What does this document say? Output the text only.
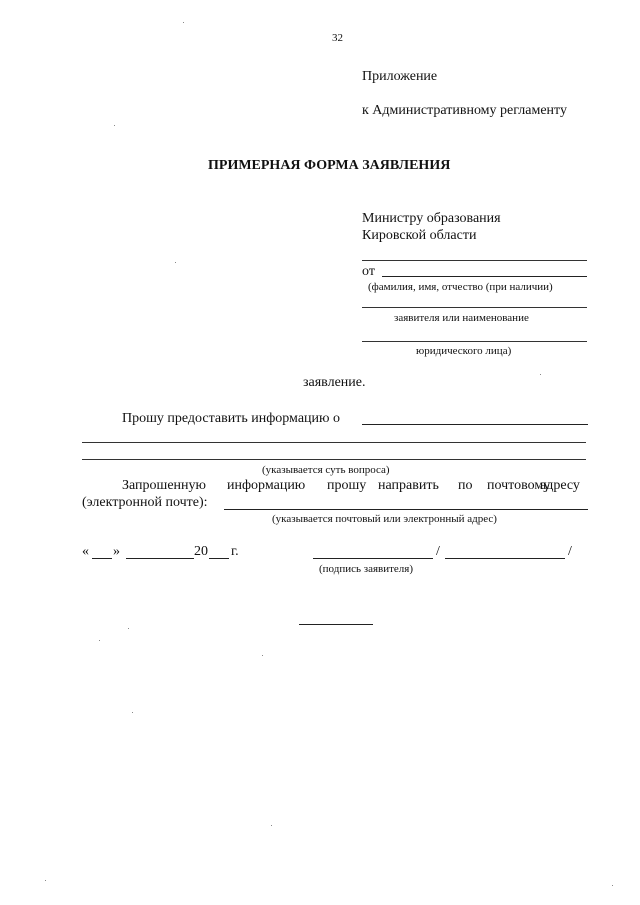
32
Приложение
к Административному регламенту
ПРИМЕРНАЯ ФОРМА ЗАЯВЛЕНИЯ
Министру образования
Кировской области
от
(фамилия, имя, отчество (при наличии)
заявителя или наименование
юридического лица)
заявление.
Прошу предоставить информацию о
(указывается суть вопроса)
Запрошенную информацию прошу направить по почтовому
адресу
(электронной почте):
(указывается почтовый или электронный адрес)
« »	20 г.	/	/
(подпись заявителя)
